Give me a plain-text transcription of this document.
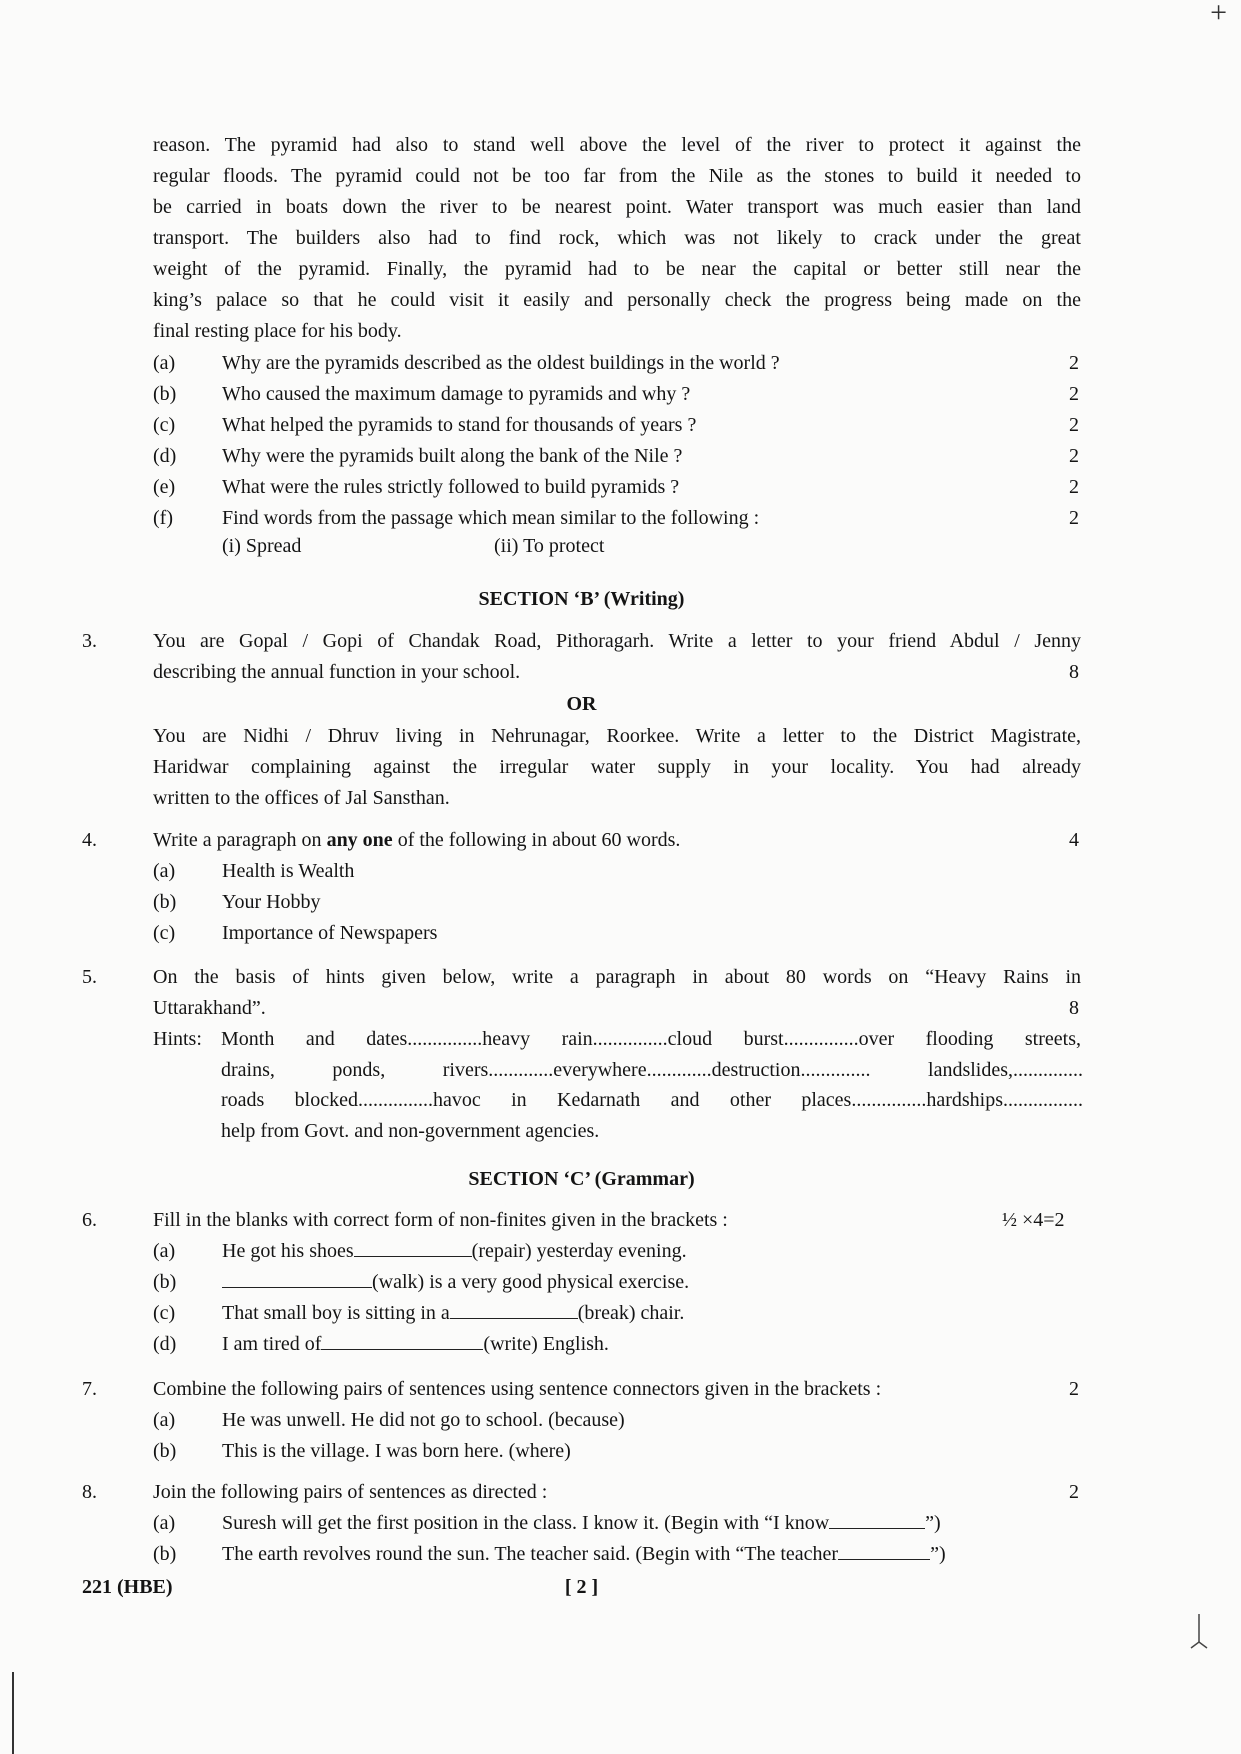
+
reason. The pyramid had also to stand well above the level of the river to protect it against the
regular floods. The pyramid could not be too far from the Nile as the stones to build it needed to
be carried in boats down the river to be nearest point. Water transport was much easier than land
transport. The builders also had to find rock, which was not likely to crack under the great
weight of the pyramid. Finally, the pyramid had to be near the capital or better still near the
king’s palace so that he could visit it easily and personally check the progress being made on the
final resting place for his body.
(a) Why are the pyramids described as the oldest buildings in the world ?	2
(b) Who caused the maximum damage to pyramids and why ?	2
(c) What helped the pyramids to stand for thousands of years ?	2
(d) Why were the pyramids built along the bank of the Nile ?	2
(e) What were the rules strictly followed to build pyramids ?	2
(f) Find words from the passage which mean similar to the following :	2
(i) Spread	(ii) To protect
SECTION ‘B’ (Writing)
3.	You are Gopal / Gopi of Chandak Road, Pithoragarh. Write a letter to your friend Abdul / Jenny
describing the annual function in your school.	8
OR
You are Nidhi / Dhruv living in Nehrunagar, Roorkee. Write a letter to the District Magistrate,
Haridwar complaining against the irregular water supply in your locality. You had already
written to the offices of Jal Sansthan.
4.	Write a paragraph on any one of the following in about 60 words.	4
(a) Health is Wealth
(b) Your Hobby
(c) Importance of Newspapers
5.	On the basis of hints given below, write a paragraph in about 80 words on “Heavy Rains in
Uttarakhand”.	8
Hints: Month and dates...............heavy rain...............cloud burst...............over flooding streets,
drains, ponds, rivers.............everywhere.............destruction.............. landslides,..............
roads blocked...............havoc in Kedarnath and other places...............hardships................
help from Govt. and non-government agencies.
SECTION ‘C’ (Grammar)
6.	Fill in the blanks with correct form of non-finites given in the brackets :	½ ×4=2
(a) He got his shoes	(repair) yesterday evening.
(b)	(walk) is a very good physical exercise.
(c) That small boy is sitting in a	(break) chair.
(d) I am tired of	(write) English.
7.	Combine the following pairs of sentences using sentence connectors given in the brackets :	2
(a) He was unwell. He did not go to school. (because)
(b) This is the village. I was born here. (where)
8.	Join the following pairs of sentences as directed :	2
(a) Suresh will get the first position in the class. I know it. (Begin with “I know	”)
(b) The earth revolves round the sun. The teacher said. (Begin with “The teacher	”)
221 (HBE)	[ 2 ]
